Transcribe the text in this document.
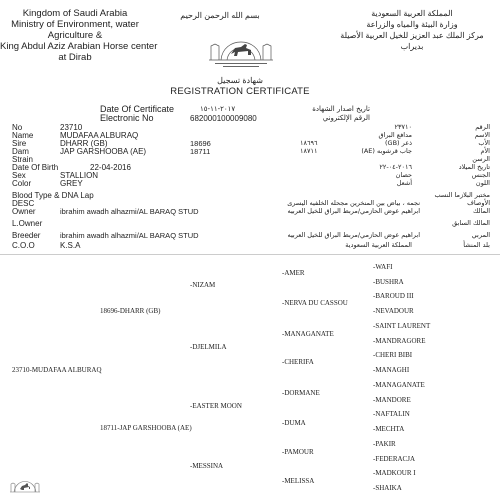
Kingdom of Saudi Arabia
Ministry of Environment, water
Agriculture &
King Abdul Aziz Arabian Horse center
at Dirab
بسم الله الرحمن الرحيم	المملكة العربية السعودية
وزارة البيئة والمياه والزراعة
مركز الملك عبد العزيز للخيل العربية الأصيلة
بديراب
شهادة تسجيل
REGISTRATION CERTIFICATE
Date Of Certificate	٢٠١٧-١١-١٥	تاريخ اصدار الشهادة
Electronic No	682000100009080	الرقم الإلكتروني
No	23710	٢٣٧١٠	الرقم
Name	MUDAFAA ALBURAQ	مدافع البراق	الاسم
Sire	DHARR (GB)	18696	١٨٦٩٦	ذعر (GB)	الأب
Dam	JAP GARSHOOBA (AE)	18711	١٨٧١١	جاب قرشوبه (AE)	الأم
Strain	الرسن
Date Of Birth	22-04-2016	٢٠١٦-٠٤-٢٢	تاريخ الميلاد
Sex	STALLION	حصان	الجنس
Color	GREY	أشعل	اللون
Blood Type & DNA Lap	مختبر البلازما النسب
DESC	نجمه ، بياض بين المنخرين مجحله الخلفيه اليسرى	الأوصاف
Owner	ibrahim awadh alhazmi/AL BARAQ STUD	ابراهيم عوض الحازمي/مربط البراق للخيل العربيه	المالك
L.Owner	المالك السابق
Breeder	ibrahim awadh alhazmi/AL BARAQ STUD	ابراهيم عوض الحازمي/مربط البراق للخيل العربيه	المربي
C.O.O	K.S.A	المملكة العربية السعودية	بلد المنشأ
23710-MUDAFAA ALBURAQ
18696-DHARR (GB)
18711-JAP GARSHOOBA (AE)
-NIZAM
-DJELMILA
-EASTER MOON
-MESSINA
-AMER
-NERVA DU CASSOU
-MANAGANATE
-CHERIFA
-DORMANE
-DUMA
-PAMOUR
-MELISSA
-WAFI
-BUSHRA
-BAROUD III
-NEVADOUR
-SAINT LAURENT
-MANDRAGORE
-CHERI BIBI
-MANAGHI
-MANAGANATE
-MANDORE
-NAFTALIN
-MECHTA
-PAKIR
-FEDERACJA
-MADKOUR I
-SHAIKA
